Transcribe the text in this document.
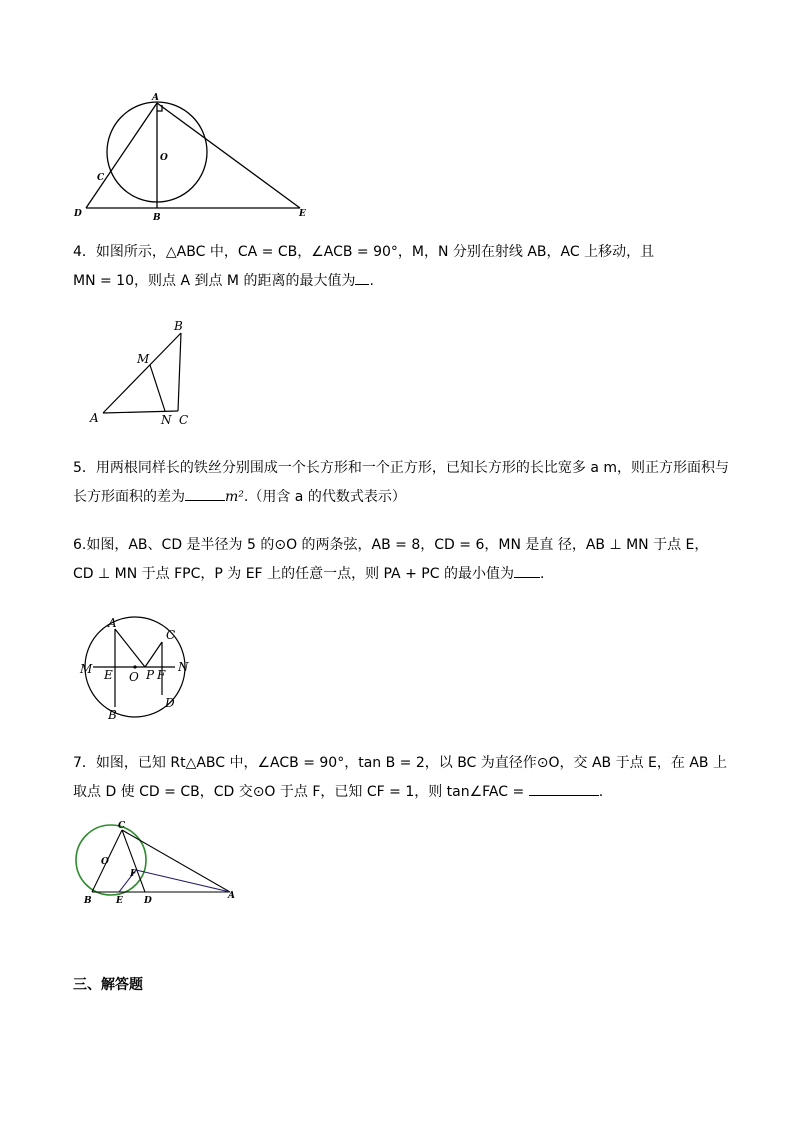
A
O
C
D	B	E
4．如图所示，△ABC 中，CA = CB，∠ACB = 90°，M，N 分别在射线 AB，AC 上移动，且
MN = 10，则点 A 到点 M 的距离的最大值为 .
B
M
A	N C
5．用两根同样长的铁丝分别围成一个长方形和一个正方形，已知长方形的长比宽多 a m，则正方形面积与
长方形面积的差为	m².（用含 a 的代数式表示）
6.如图，AB、CD 是半径为 5 的⊙O 的两条弦，AB = 8，CD = 6，MN 是直 径，AB ⊥ MN 于点 E，
CD ⊥ MN 于点 FPC，P 为 EF 上的任意一点，则 PA + PC 的最小值为 .
A
C
M	N
E O P F
B
D
7．如图，已知 Rt△ABC 中，∠ACB = 90°，tan B = 2，以 BC 为直径作⊙O，交 AB 于点 E，在 AB 上
取点 D 使 CD = CB，CD 交⊙O 于点 F，已知 CF = 1，则 tan∠FAC =	.
C
O
F
B	E D	A
三、解答题
